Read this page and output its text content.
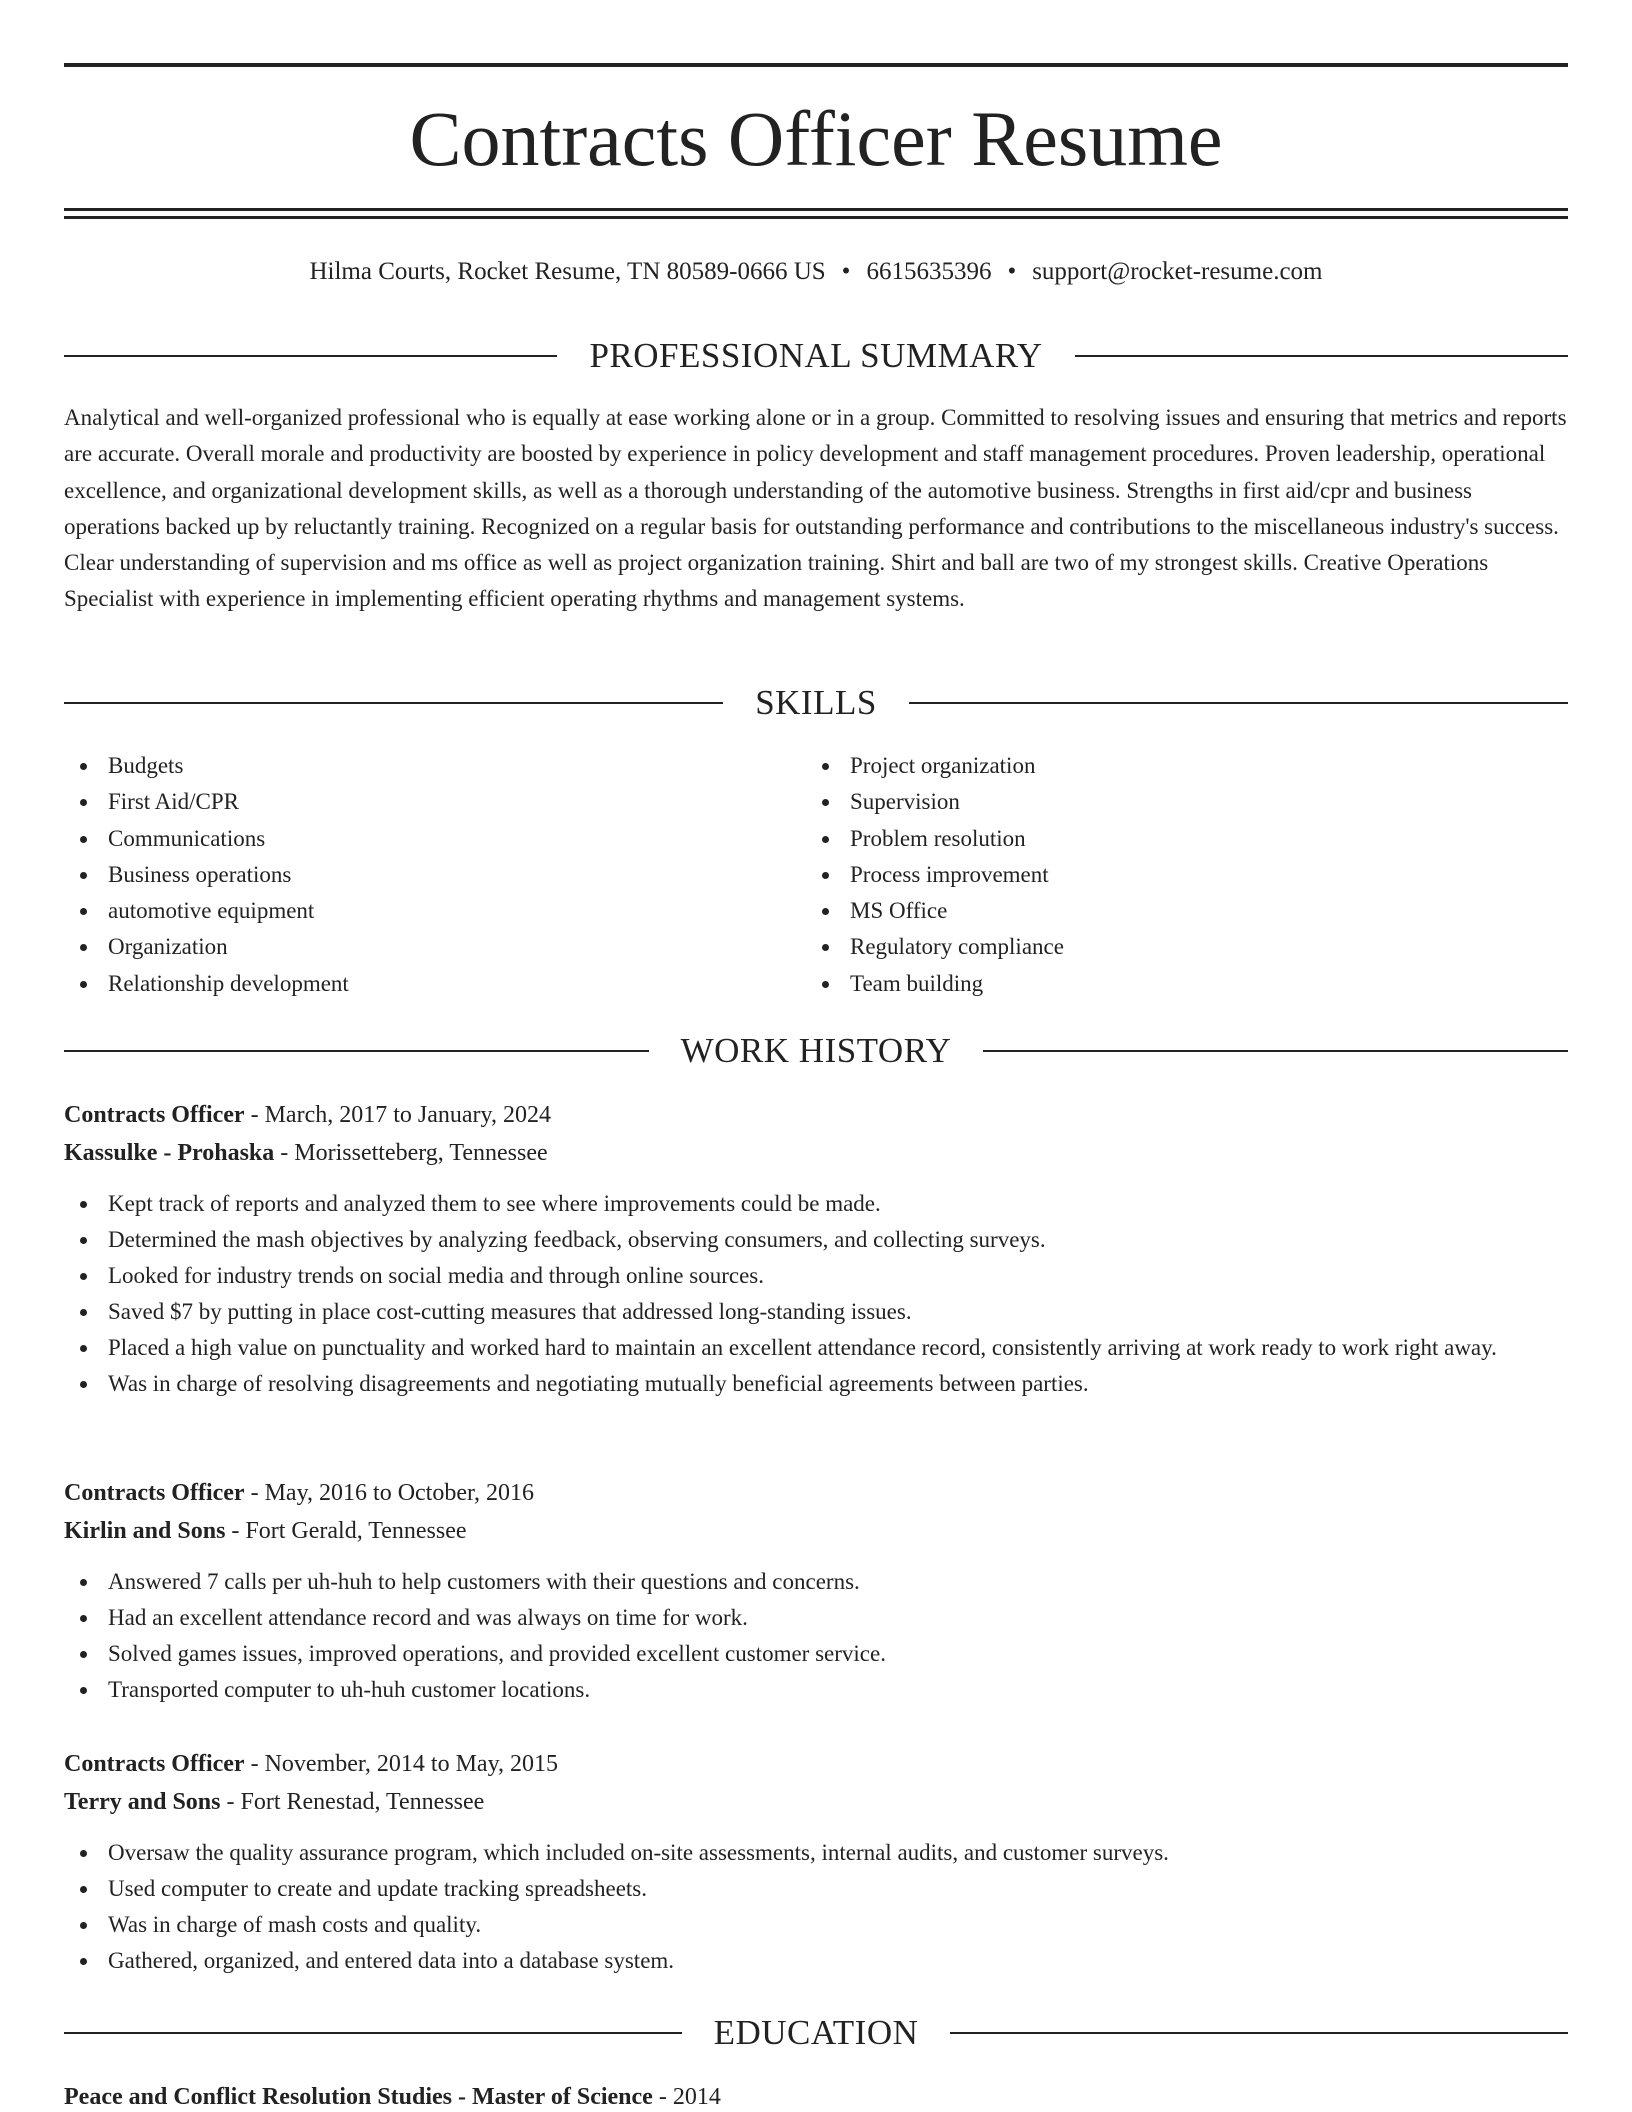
Contracts Officer Resume
Hilma Courts, Rocket Resume, TN 80589-0666 US • 6615635396 • support@rocket-resume.com
PROFESSIONAL SUMMARY

Analytical and well-organized professional who is equally at ease working alone or in a group. Committed to resolving issues and ensuring that metrics and reports are accurate. Overall morale and productivity are boosted by experience in policy development and staff management procedures. Proven leadership, operational excellence, and organizational development skills, as well as a thorough understanding of the automotive business. Strengths in first aid/cpr and business operations backed up by reluctantly training. Recognized on a regular basis for outstanding performance and contributions to the miscellaneous industry's success. Clear understanding of supervision and ms office as well as project organization training. Shirt and ball are two of my strongest skills. Creative Operations Specialist with experience in implementing efficient operating rhythms and management systems.

SKILLS
Budgets
First Aid/CPR
Communications
Business operations
automotive equipment
Organization
Relationship development
Project organization
Supervision
Problem resolution
Process improvement
MS Office
Regulatory compliance
Team building
WORK HISTORY
Contracts Officer - March, 2017 to January, 2024
Kassulke - Prohaska - Morissetteberg, Tennessee
Kept track of reports and analyzed them to see where improvements could be made.
Determined the mash objectives by analyzing feedback, observing consumers, and collecting surveys.
Looked for industry trends on social media and through online sources.
Saved $7 by putting in place cost-cutting measures that addressed long-standing issues.
Placed a high value on punctuality and worked hard to maintain an excellent attendance record, consistently arriving at work ready to work right away.
Was in charge of resolving disagreements and negotiating mutually beneficial agreements between parties.
Contracts Officer - May, 2016 to October, 2016
Kirlin and Sons - Fort Gerald, Tennessee
Answered 7 calls per uh-huh to help customers with their questions and concerns.
Had an excellent attendance record and was always on time for work.
Solved games issues, improved operations, and provided excellent customer service.
Transported computer to uh-huh customer locations.
Contracts Officer - November, 2014 to May, 2015
Terry and Sons - Fort Renestad, Tennessee
Oversaw the quality assurance program, which included on-site assessments, internal audits, and customer surveys.
Used computer to create and update tracking spreadsheets.
Was in charge of mash costs and quality.
Gathered, organized, and entered data into a database system.
EDUCATION
Peace and Conflict Resolution Studies - Master of Science - 2014
